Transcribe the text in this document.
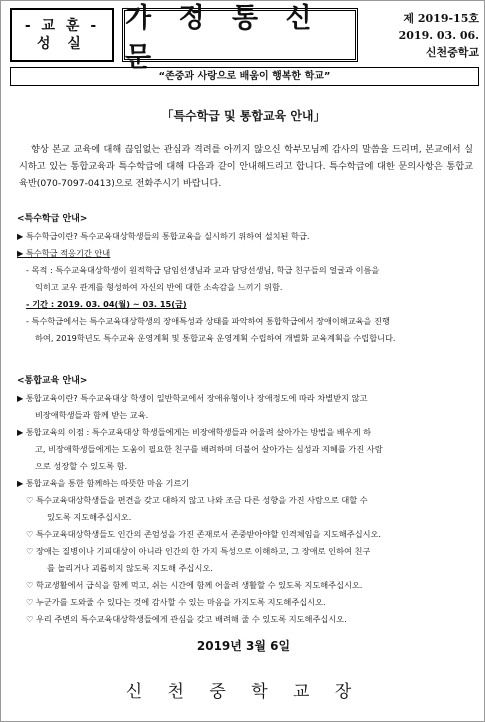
- 교 훈 -
성 실
가 정 통 신 문
제 2019-15호
2019. 03. 06.
신천중학교
“존중과 사랑으로 배움이 행복한 학교”
「특수학급 및 통합교육 안내」
향상 본교 교육에 대해 끊임없는 관심과 격려를 아끼지 않으신 학부모님께 감사의 말씀을 드리며, 본교에서 실시하고 있는 통합교육과 특수학급에 대해 다음과 같이 안내해드리고 합니다. 특수학급에 대한 문의사항은 통합교육반(070-7097-0413)으로 전화주시기 바랍니다.
<특수학급 안내>
▶ 특수학급이란? 특수교육대상학생들의 통합교육을 실시하기 위하여 설치된 학급.
▶ 특수학급 적응기간 안내
- 목적 : 특수교육대상학생이 원적학급 담임선생님과 교과 담당선생님, 학급 친구들의 얼굴과 이름을
익히고 교우 관계를 형성하여 자신의 반에 대한 소속감을 느끼기 위함.
- 기간 : 2019. 03. 04(월) ~ 03. 15(금)
- 특수학급에서는 특수교육대상학생의 장애특성과 상태를 파악하여 통합학급에서 장애이해교육을 진행
하여, 2019학년도 특수교육 운영계획 및 통합교육 운영계획 수립하여 개별화 교육계획을 수립합니다.
<통합교육 안내>
▶ 통합교육이란? 특수교육대상 학생이 일반학교에서 장애유형이나 장애정도에 따라 차별받지 않고
비장애학생들과 함께 받는 교육.
▶ 통합교육의 이점 : 특수교육대상 학생들에게는 비장애학생들과 어울려 살아가는 방법을 배우게 하
고, 비장애학생들에게는 도움이 필요한 친구를 배려하며 더불어 살아가는 심성과 지혜를 가진 사람
으로 성장할 수 있도록 함.
▶ 통합교육을 통한 함께하는 따뜻한 마음 기르기
♡ 특수교육대상학생들을 편견을 갖고 대하지 않고 나와 조금 다른 성향을 가진 사람으로 대할 수
있도록 지도해주십시오.
♡ 특수교육대상학생들도 인간의 존엄성을 가진 존재로서 존중받아야할 인격체임을 지도해주십시오.
♡ 장애는 질병이나 기피대상이 아니라 인간의 한 가지 특성으로 이해하고, 그 장애로 인하여 친구
를 놀리거나 괴롭히지 않도록 지도해 주십시오.
♡ 학교생활에서 급식을 함께 먹고, 쉬는 시간에 함께 어울려 생활할 수 있도록 지도해주십시오.
♡ 누군가를 도와줄 수 있다는 것에 감사할 수 있는 마음을 가지도록 지도해주십시오.
♡ 우리 주변의 특수교육대상학생들에게 관심을 갖고 배려해 줄 수 있도록 지도해주십시오.
2019년 3월 6일
신 천 중 학 교 장
